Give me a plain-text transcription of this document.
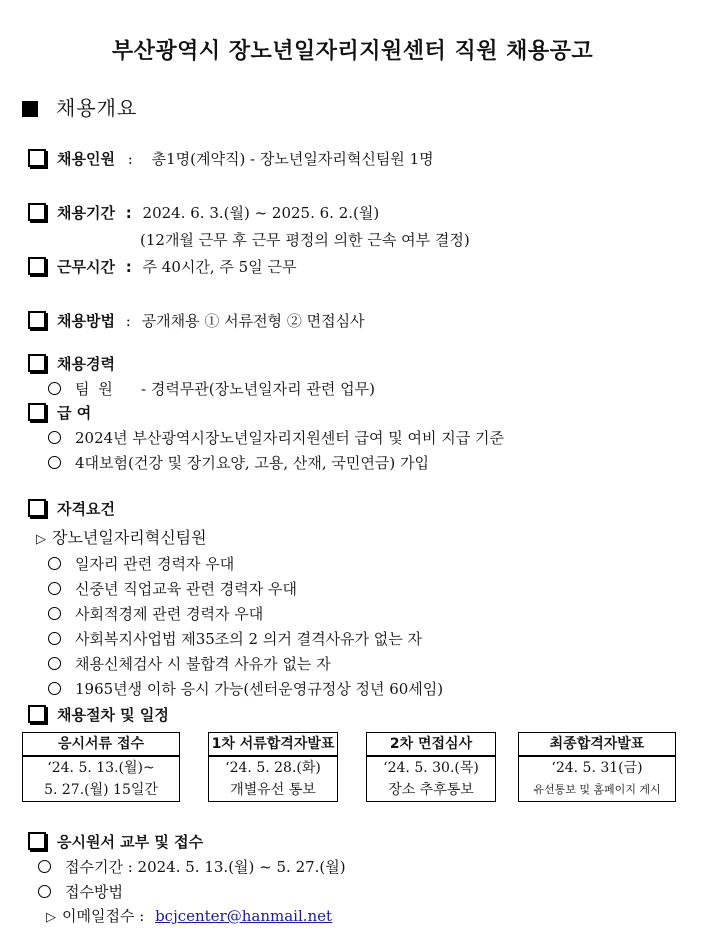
부산광역시 장노년일자리지원센터 직원 채용공고
채용개요
채용인원 : 총1명(계약직) - 장노년일자리혁신팀원 1명
채용기간 : 2024. 6. 3.(월) ~ 2025. 6. 2.(월)
(12개월 근무 후 근무 평정의 의한 근속 여부 결정)
근무시간 : 주 40시간, 주 5일 근무
채용방법 : 공개채용 ① 서류전형 ② 면접심사
채용경력
팀 원 - 경력무관(장노년일자리 관련 업무)
급 여
2024년 부산광역시장노년일자리지원센터 급여 및 여비 지급 기준
4대보험(건강 및 장기요양, 고용, 산재, 국민연금) 가입
자격요건
▷ 장노년일자리혁신팀원
일자리 관련 경력자 우대
신중년 직업교육 관련 경력자 우대
사회적경제 관련 경력자 우대
사회복지사업법 제35조의 2 의거 결격사유가 없는 자
채용신체검사 시 불합격 사유가 없는 자
1965년생 이하 응시 가능(센터운영규정상 정년 60세임)
채용절차 및 일정
응시서류 접수		1차 서류합격자발표		2차 면접심사		최종합격자발표
‘24. 5. 13.(월)~		‘24. 5. 28.(화)		‘24. 5. 30.(목)		‘24. 5. 31(금)
5. 27.(월) 15일간		개별유선 통보		장소 추후통보		유선통보 및 홈페이지 게시
응시원서 교부 및 접수
접수기간 : 2024. 5. 13.(월) ~ 5. 27.(월)
접수방법
▷ 이메일접수 : bcjcenter@hanmail.net
